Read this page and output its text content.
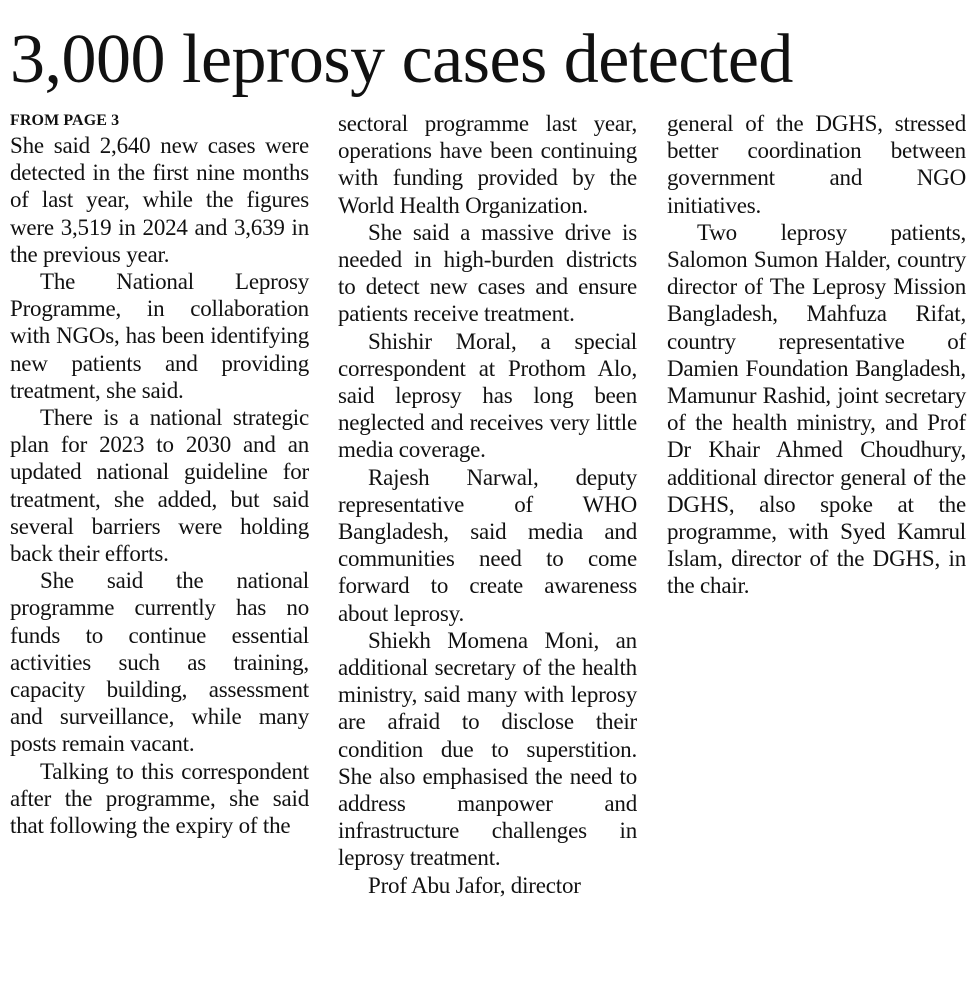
3,000 leprosy cases detected
FROM PAGE 3

She said 2,640 new cases were detected in the first nine months of last year, while the figures were 3,519 in 2024 and 3,639 in the previous year.

The National Leprosy Programme, in collaboration with NGOs, has been identifying new patients and providing treatment, she said.

There is a national strategic plan for 2023 to 2030 and an updated national guideline for treatment, she added, but said several barriers were holding back their efforts.

She said the national programme currently has no funds to continue essential activities such as training, capacity building, assessment and surveillance, while many posts remain vacant.

Talking to this correspondent after the programme, she said that following the expiry of the

sectoral programme last year, operations have been continuing with funding provided by the World Health Organization.

She said a massive drive is needed in high-burden districts to detect new cases and ensure patients receive treatment.

Shishir Moral, a special correspondent at Prothom Alo, said leprosy has long been neglected and receives very little media coverage.

Rajesh Narwal, deputy representative of WHO Bangladesh, said media and communities need to come forward to create awareness about leprosy.

Shiekh Momena Moni, an additional secretary of the health ministry, said many with leprosy are afraid to disclose their condition due to superstition. She also emphasised the need to address manpower and infrastructure challenges in leprosy treatment.

Prof Abu Jafor, director

general of the DGHS, stressed better coordination between government and NGO initiatives.

Two leprosy patients, Salomon Sumon Halder, country director of The Leprosy Mission Bangladesh, Mahfuza Rifat, country representative of Damien Foundation Bangladesh, Mamunur Rashid, joint secretary of the health ministry, and Prof Dr Khair Ahmed Choudhury, additional director general of the DGHS, also spoke at the programme, with Syed Kamrul Islam, director of the DGHS, in the chair.
